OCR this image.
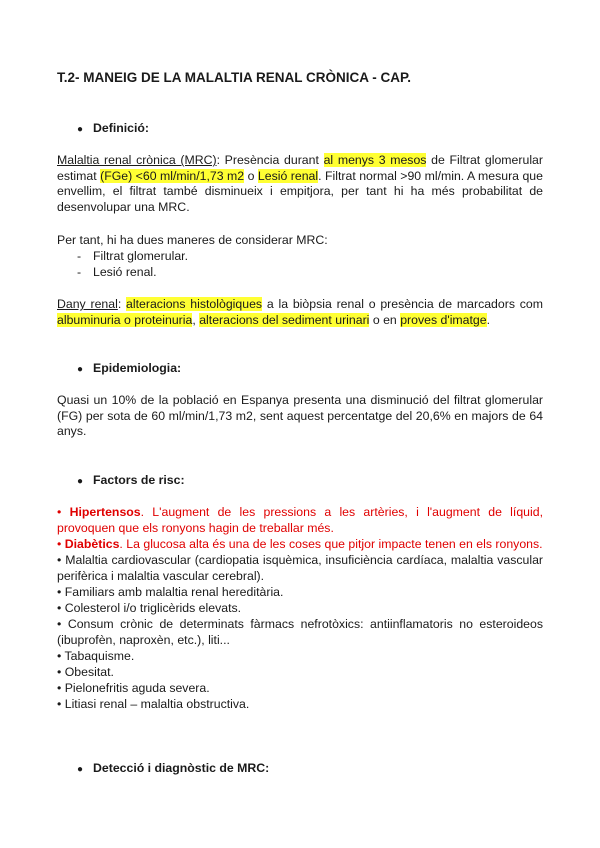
T.2- MANEIG DE LA MALALTIA RENAL CRÒNICA - CAP.
● Definició:
Malaltia renal crònica (MRC): Presència durant al menys 3 mesos de Filtrat glomerular estimat (FGe) <60 ml/min/1,73 m2 o Lesió renal. Filtrat normal >90 ml/min. A mesura que envellim, el filtrat també disminueix i empitjora, per tant hi ha més probabilitat de desenvolupar una MRC.
Per tant, hi ha dues maneres de considerar MRC:
- Filtrat glomerular.
- Lesió renal.
Dany renal: alteracions histològiques a la biòpsia renal o presència de marcadors com albuminuria o proteinuria, alteracions del sediment urinari o en proves d'imatge.
● Epidemiologia:
Quasi un 10% de la població en Espanya presenta una disminució del filtrat glomerular (FG) per sota de 60 ml/min/1,73 m2, sent aquest percentatge del 20,6% en majors de 64 anys.
● Factors de risc:
• Hipertensos. L'augment de les pressions a les artèries, i l'augment de líquid, provoquen que els ronyons hagin de treballar més.
• Diabètics. La glucosa alta és una de les coses que pitjor impacte tenen en els ronyons.
• Malaltia cardiovascular (cardiopatia isquèmica, insuficiència cardíaca, malaltia vascular perifèrica i malaltia vascular cerebral).
• Familiars amb malaltia renal hereditària.
• Colesterol i/o triglicèrids elevats.
• Consum crònic de determinats fàrmacs nefrotòxics: antiinflamatoris no esteroideos (ibuprofèn, naproxèn, etc.), liti...
• Tabaquisme.
• Obesitat.
• Pielonefritis aguda severa.
• Litiasi renal – malaltia obstructiva.
● Detecció i diagnòstic de MRC:
